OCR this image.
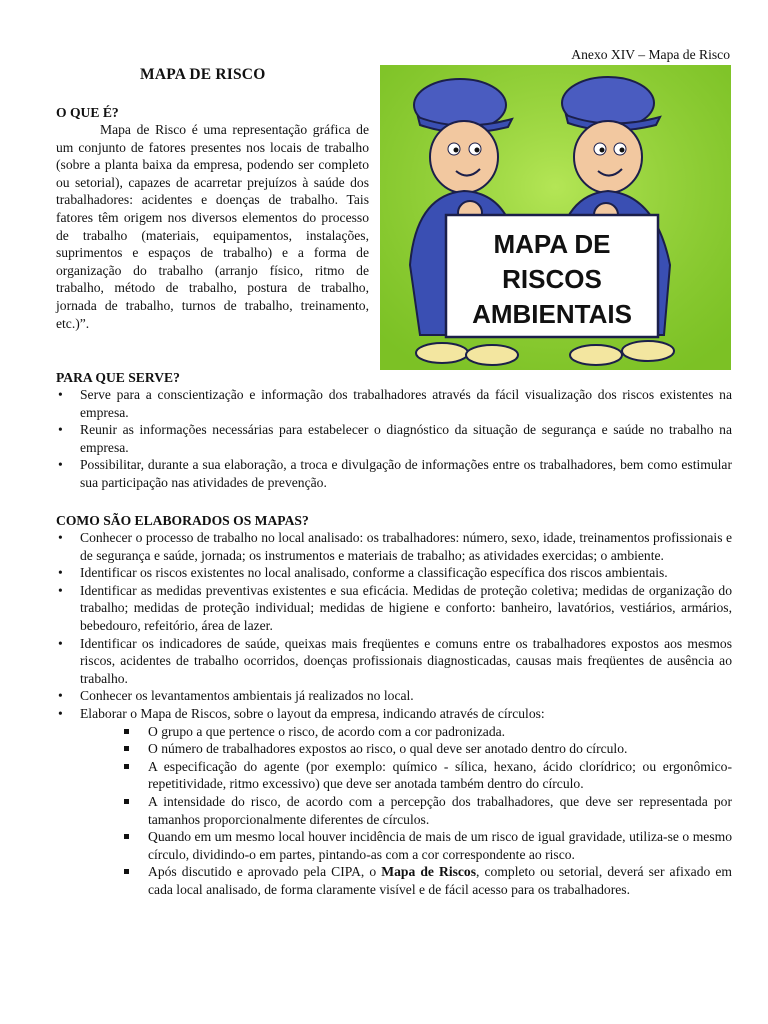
Anexo XIV – Mapa de Risco
MAPA DE RISCO
O QUE É?
Mapa de Risco é uma representação gráfica de um conjunto de fatores presentes nos locais de trabalho (sobre a planta baixa da empresa, podendo ser completo ou setorial), capazes de acarretar prejuízos à saúde dos trabalhadores: acidentes e doenças de trabalho. Tais fatores têm origem nos diversos elementos do processo de trabalho (materiais, equipamentos, instalações, suprimentos e espaços de trabalho) e a forma de organização do trabalho (arranjo físico, ritmo de trabalho, método de trabalho, postura de trabalho, jornada de trabalho, turnos de trabalho, treinamento, etc.)”.
MAPA DE
RISCOS
AMBIENTAIS
PARA QUE SERVE?
• Serve para a conscientização e informação dos trabalhadores através da fácil visualização dos riscos existentes na empresa.
• Reunir as informações necessárias para estabelecer o diagnóstico da situação de segurança e saúde no trabalho na empresa.
• Possibilitar, durante a sua elaboração, a troca e divulgação de informações entre os trabalhadores, bem como estimular sua participação nas atividades de prevenção.
COMO SÃO ELABORADOS OS MAPAS?
• Conhecer o processo de trabalho no local analisado: os trabalhadores: número, sexo, idade, treinamentos profissionais e de segurança e saúde, jornada; os instrumentos e materiais de trabalho; as atividades exercidas; o ambiente.
• Identificar os riscos existentes no local analisado, conforme a classificação específica dos riscos ambientais.
• Identificar as medidas preventivas existentes e sua eficácia. Medidas de proteção coletiva; medidas de organização do trabalho; medidas de proteção individual; medidas de higiene e conforto: banheiro, lavatórios, vestiários, armários, bebedouro, refeitório, área de lazer.
• Identificar os indicadores de saúde, queixas mais freqüentes e comuns entre os trabalhadores expostos aos mesmos riscos, acidentes de trabalho ocorridos, doenças profissionais diagnosticadas, causas mais freqüentes de ausência ao trabalho.
• Conhecer os levantamentos ambientais já realizados no local.
• Elaborar o Mapa de Riscos, sobre o layout da empresa, indicando através de círculos:
O grupo a que pertence o risco, de acordo com a cor padronizada.
O número de trabalhadores expostos ao risco, o qual deve ser anotado dentro do círculo.
A especificação do agente (por exemplo: químico - sílica, hexano, ácido clorídrico; ou ergonômico-repetitividade, ritmo excessivo) que deve ser anotada também dentro do círculo.
A intensidade do risco, de acordo com a percepção dos trabalhadores, que deve ser representada por tamanhos proporcionalmente diferentes de círculos.
Quando em um mesmo local houver incidência de mais de um risco de igual gravidade, utiliza-se o mesmo círculo, dividindo-o em partes, pintando-as com a cor correspondente ao risco.
Após discutido e aprovado pela CIPA, o Mapa de Riscos, completo ou setorial, deverá ser afixado em cada local analisado, de forma claramente visível e de fácil acesso para os trabalhadores.
